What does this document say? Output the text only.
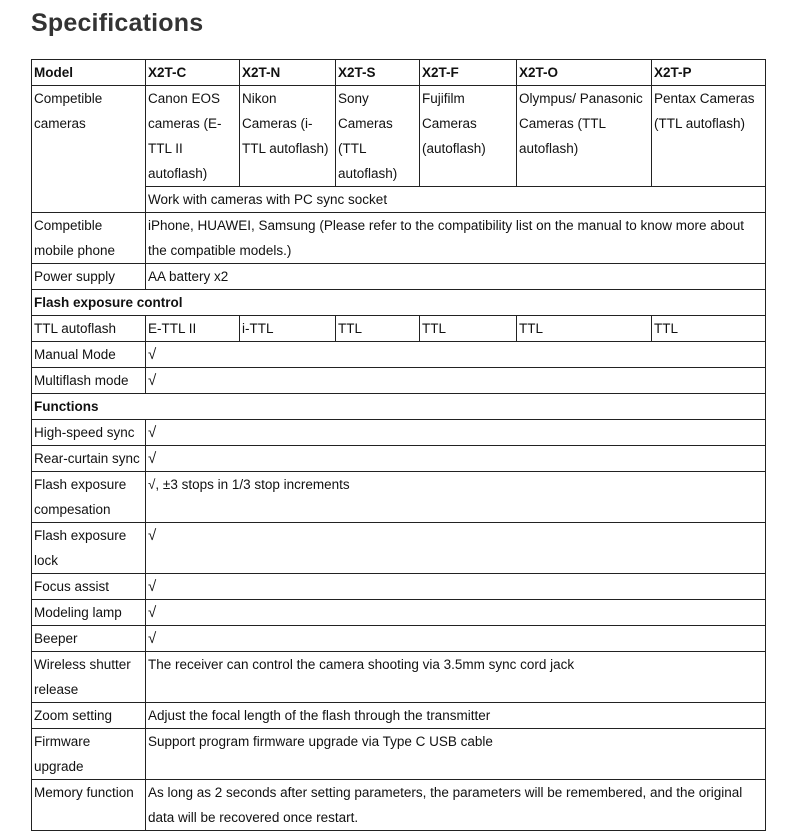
Specifications
Model	X2T-C	X2T-N	X2T-S	X2T-F	X2T-O	X2T-P
Competible cameras	Canon EOS cameras (E-TTL II autoflash)	Nikon Cameras (i-TTL autoflash)	Sony Cameras (TTL autoflash)	Fujifilm Cameras (autoflash)	Olympus/ Panasonic Cameras (TTL autoflash)	Pentax Cameras (TTL autoflash)
	Work with cameras with PC sync socket					
Competible mobile phone	iPhone, HUAWEI, Samsung (Please refer to the compatibility list on the manual to know more about the compatible models.)					
Power supply	AA battery x2					
Flash exposure control						
TTL autoflash	E-TTL II	i-TTL	TTL	TTL	TTL	TTL
Manual Mode	√					
Multiflash mode	√					
Functions						
High-speed sync	√					
Rear-curtain sync	√					
Flash exposure compesation	√, ±3 stops in 1/3 stop increments					
Flash exposure lock	√					
Focus assist	√					
Modeling lamp	√					
Beeper	√					
Wireless shutter release	The receiver can control the camera shooting via 3.5mm sync cord jack					
Zoom setting	Adjust the focal length of the flash through the transmitter					
Firmware upgrade	Support program firmware upgrade via Type C USB cable					
Memory function	As long as 2 seconds after setting parameters, the parameters will be remembered, and the original data will be recovered once restart.					
